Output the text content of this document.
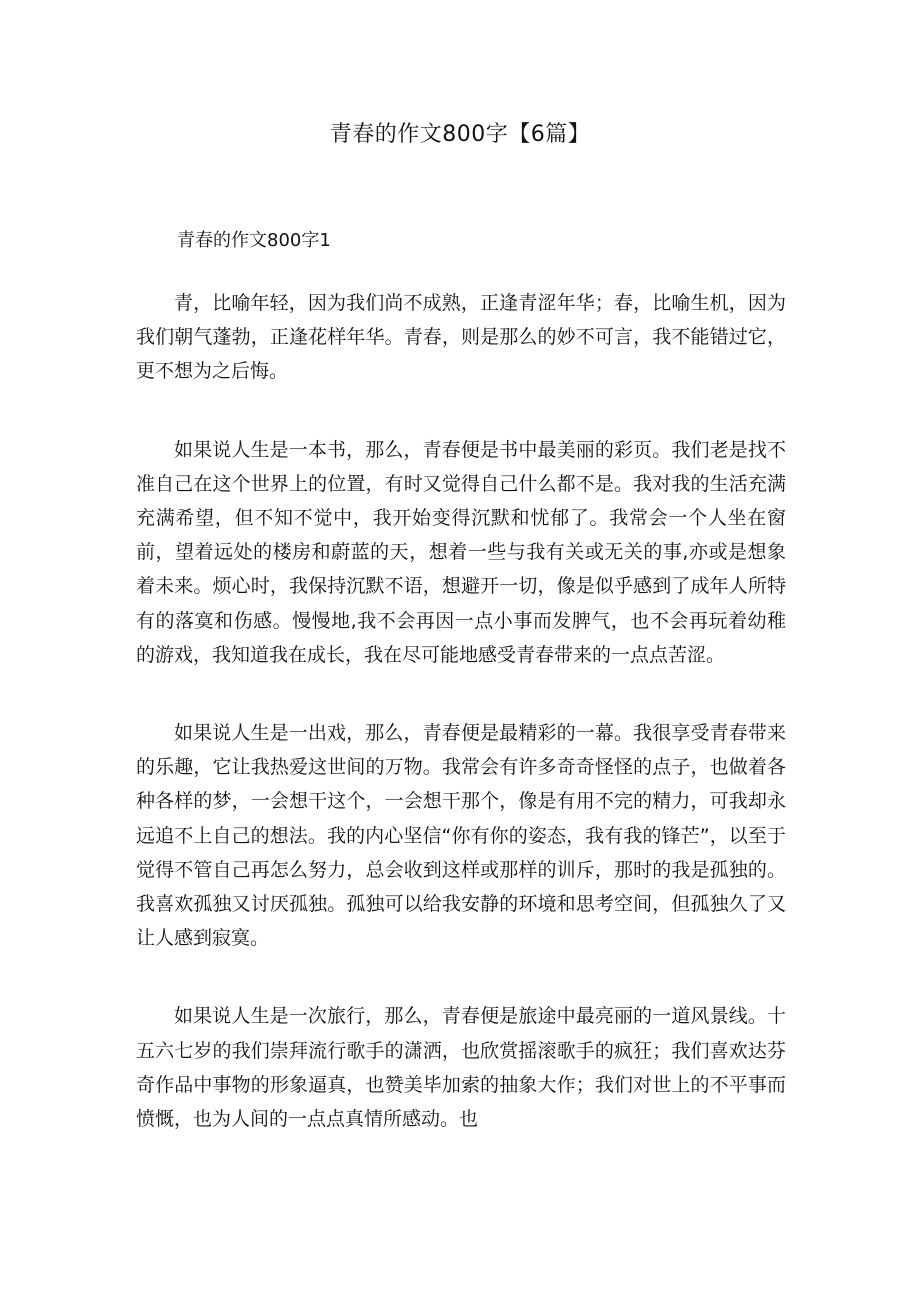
青春的作文800字【6篇】
青春的作文800字1

青，比喻年轻，因为我们尚不成熟，正逢青涩年华；春，比喻生机，因为我们朝气蓬勃，正逢花样年华。青春，则是那么的妙不可言，我不能错过它，更不想为之后悔。

如果说人生是一本书，那么，青春便是书中最美丽的彩页。我们老是找不准自己在这个世界上的位置，有时又觉得自己什么都不是。我对我的生活充满充满希望，但不知不觉中，我开始变得沉默和忧郁了。我常会一个人坐在窗前，望着远处的楼房和蔚蓝的天，想着一些与我有关或无关的事,亦或是想象着未来。烦心时，我保持沉默不语，想避开一切，像是似乎感到了成年人所特有的落寞和伤感。慢慢地,我不会再因一点小事而发脾气，也不会再玩着幼稚的游戏，我知道我在成长，我在尽可能地感受青春带来的一点点苦涩。

如果说人生是一出戏，那么，青春便是最精彩的一幕。我很享受青春带来的乐趣，它让我热爱这世间的万物。我常会有许多奇奇怪怪的点子，也做着各种各样的梦，一会想干这个，一会想干那个，像是有用不完的精力，可我却永远追不上自己的想法。我的内心坚信“你有你的姿态，我有我的锋芒”，以至于觉得不管自己再怎么努力，总会收到这样或那样的训斥，那时的我是孤独的。我喜欢孤独又讨厌孤独。孤独可以给我安静的环境和思考空间，但孤独久了又让人感到寂寞。

如果说人生是一次旅行，那么，青春便是旅途中最亮丽的一道风景线。十五六七岁的我们崇拜流行歌手的潇洒，也欣赏摇滚歌手的疯狂；我们喜欢达芬奇作品中事物的形象逼真，也赞美毕加索的抽象大作；我们对世上的不平事而愤慨，也为人间的一点点真情所感动。也
